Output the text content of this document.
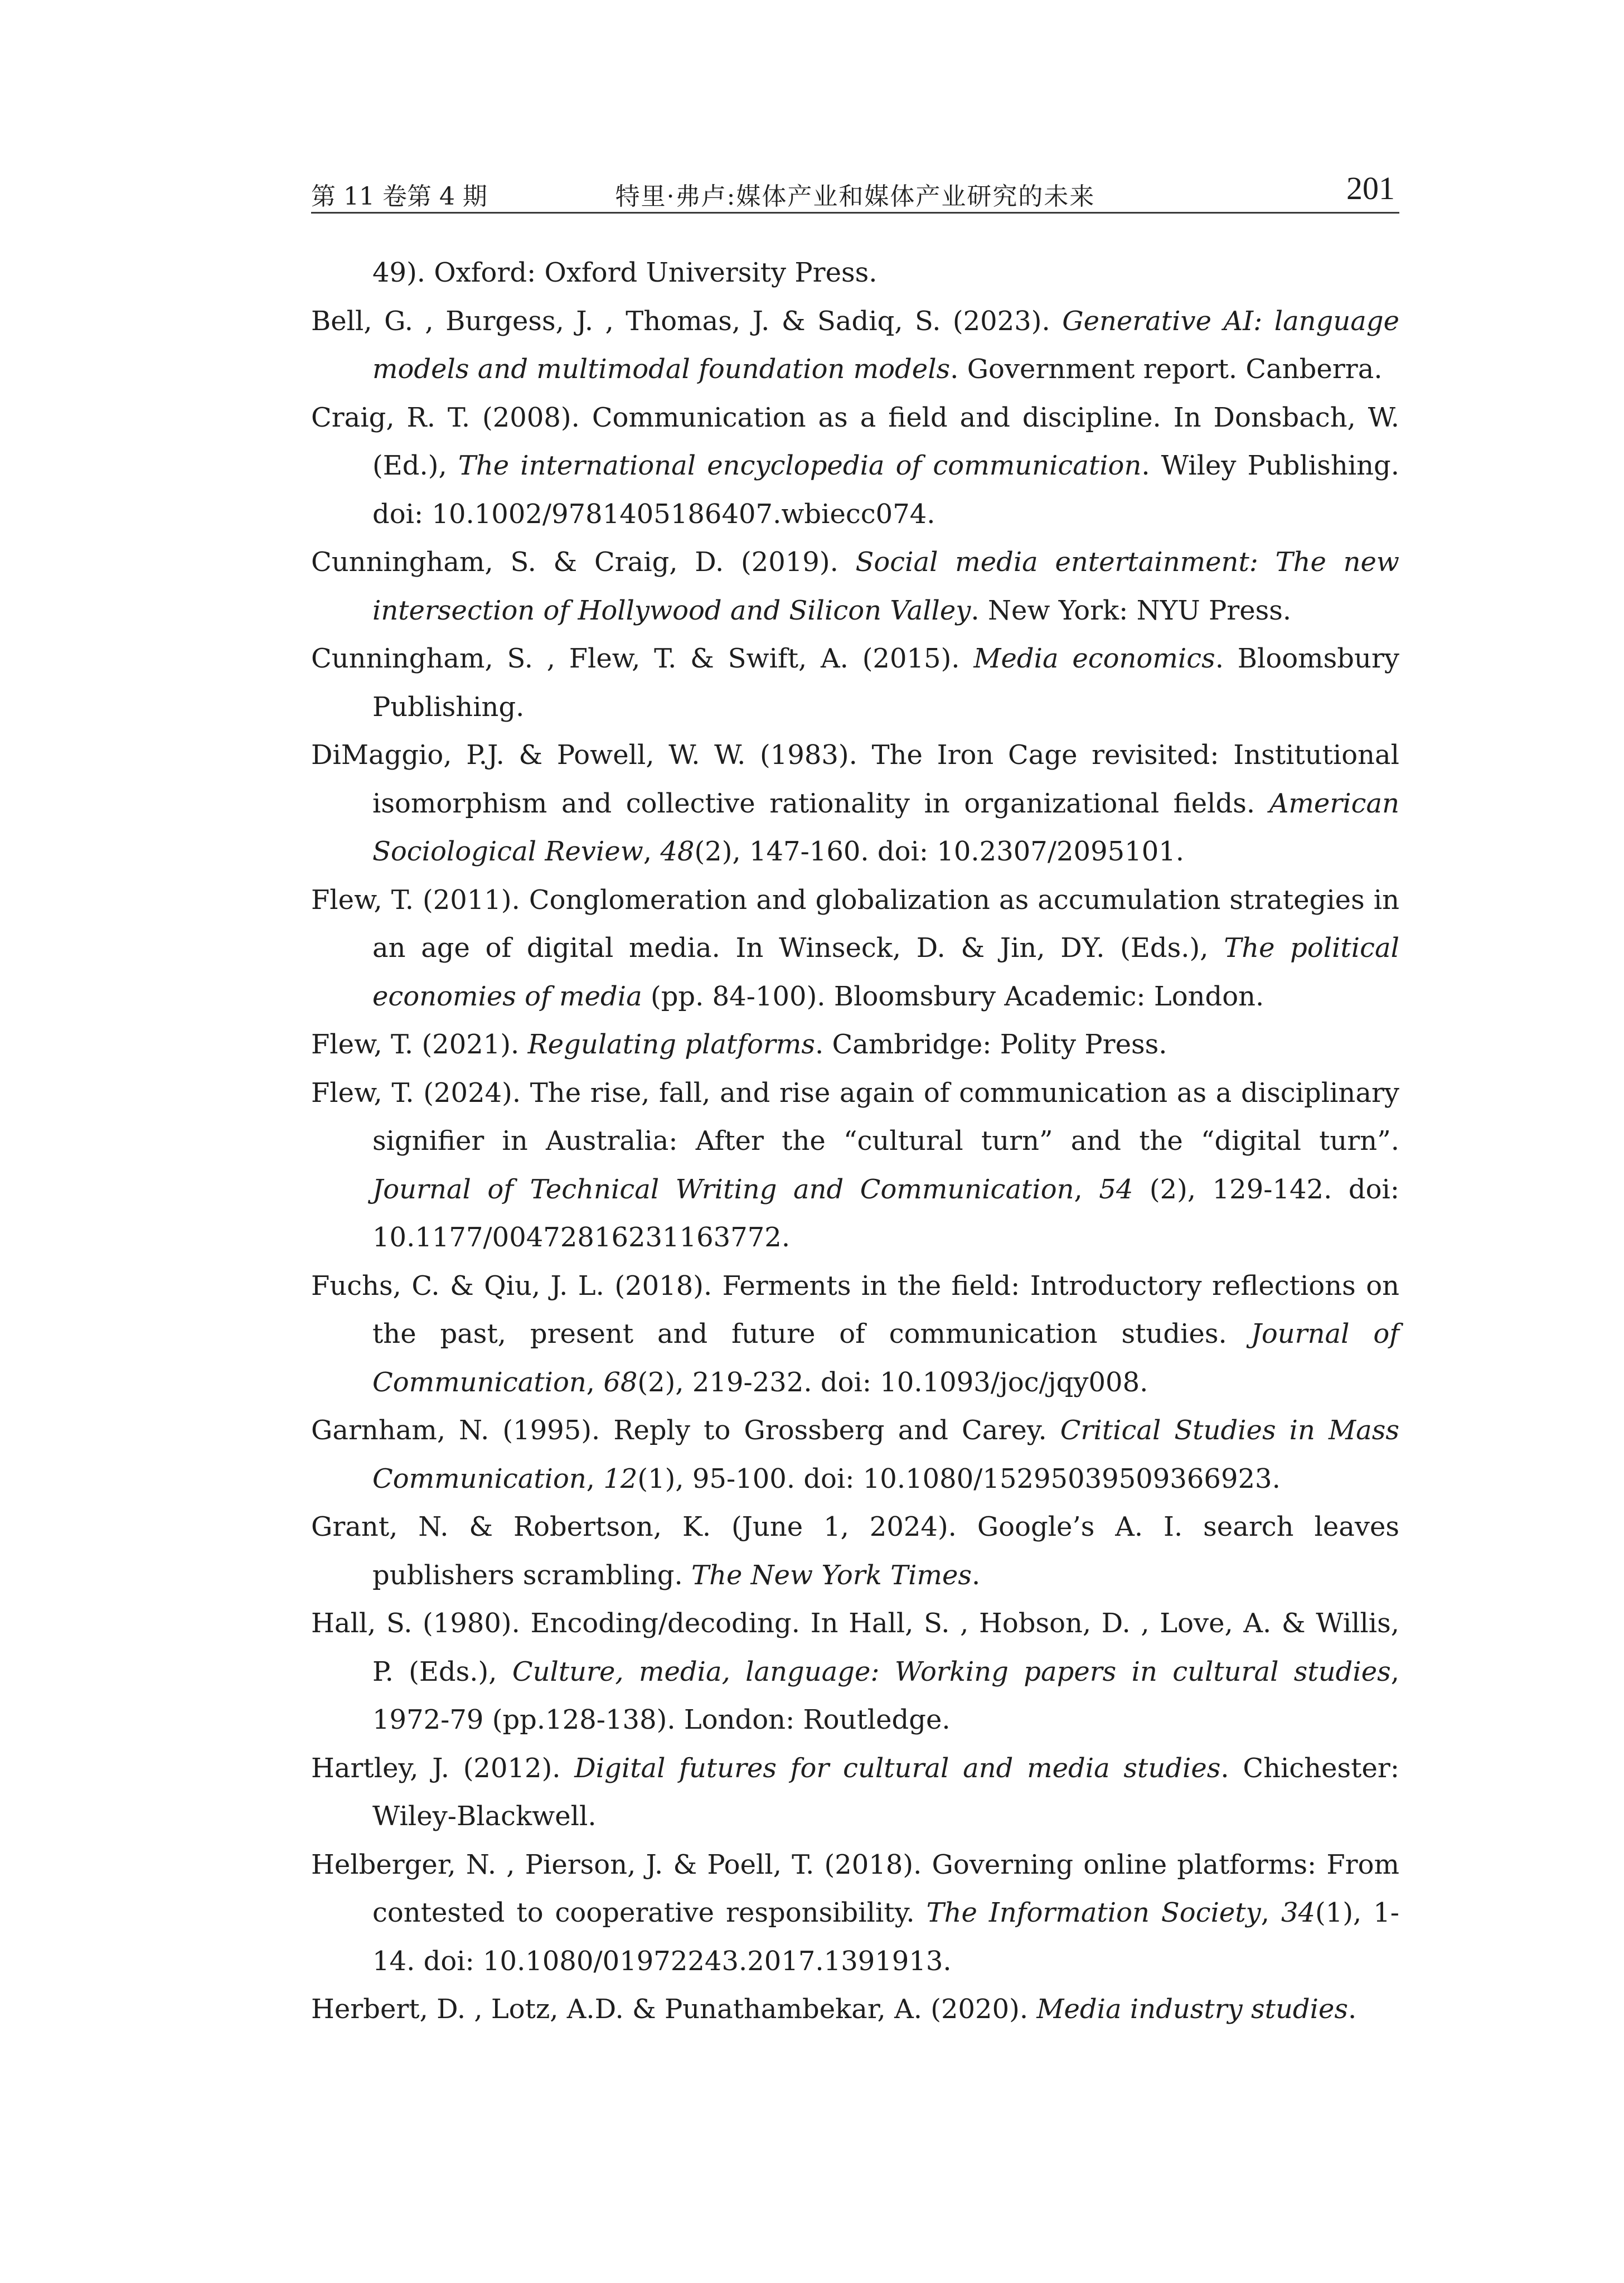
第 11 卷第 4 期	特里·弗卢:媒体产业和媒体产业研究的未来	201
49). Oxford: Oxford University Press.
Bell, G. , Burgess, J. , Thomas, J. & Sadiq, S. (2023). Generative AI: language models and multimodal foundation models. Government report. Canberra.
Craig, R. T. (2008). Communication as a field and discipline. In Donsbach, W. (Ed.), The international encyclopedia of communication. Wiley Publishing. doi: 10.1002/9781405186407.wbiecc074.
Cunningham, S. & Craig, D. (2019). Social media entertainment: The new intersection of Hollywood and Silicon Valley. New York: NYU Press.
Cunningham, S. , Flew, T. & Swift, A. (2015). Media economics. Bloomsbury Publishing.
DiMaggio, P.J. & Powell, W. W. (1983). The Iron Cage revisited: Institutional isomorphism and collective rationality in organizational fields. American Sociological Review, 48(2), 147-160. doi: 10.2307/2095101.
Flew, T. (2011). Conglomeration and globalization as accumulation strategies in an age of digital media. In Winseck, D. & Jin, DY. (Eds.), The political economies of media (pp. 84-100). Bloomsbury Academic: London.
Flew, T. (2021). Regulating platforms. Cambridge: Polity Press.
Flew, T. (2024). The rise, fall, and rise again of communication as a disciplinary signifier in Australia: After the “cultural turn” and the “digital turn”. Journal of Technical Writing and Communication, 54 (2), 129-142. doi: 10.1177/00472816231163772.
Fuchs, C. & Qiu, J. L. (2018). Ferments in the field: Introductory reflections on the past, present and future of communication studies. Journal of Communication, 68(2), 219-232. doi: 10.1093/joc/jqy008.
Garnham, N. (1995). Reply to Grossberg and Carey. Critical Studies in Mass Communication, 12(1), 95-100. doi: 10.1080/15295039509366923.
Grant, N. & Robertson, K. (June 1, 2024). Google’s A. I. search leaves publishers scrambling. The New York Times.
Hall, S. (1980). Encoding/decoding. In Hall, S. , Hobson, D. , Love, A. & Willis, P. (Eds.), Culture, media, language: Working papers in cultural studies, 1972-79 (pp.128-138). London: Routledge.
Hartley, J. (2012). Digital futures for cultural and media studies. Chichester: Wiley-Blackwell.
Helberger, N. , Pierson, J. & Poell, T. (2018). Governing online platforms: From contested to cooperative responsibility. The Information Society, 34(1), 1-14. doi: 10.1080/01972243.2017.1391913.
Herbert, D. , Lotz, A.D. & Punathambekar, A. (2020). Media industry studies.
